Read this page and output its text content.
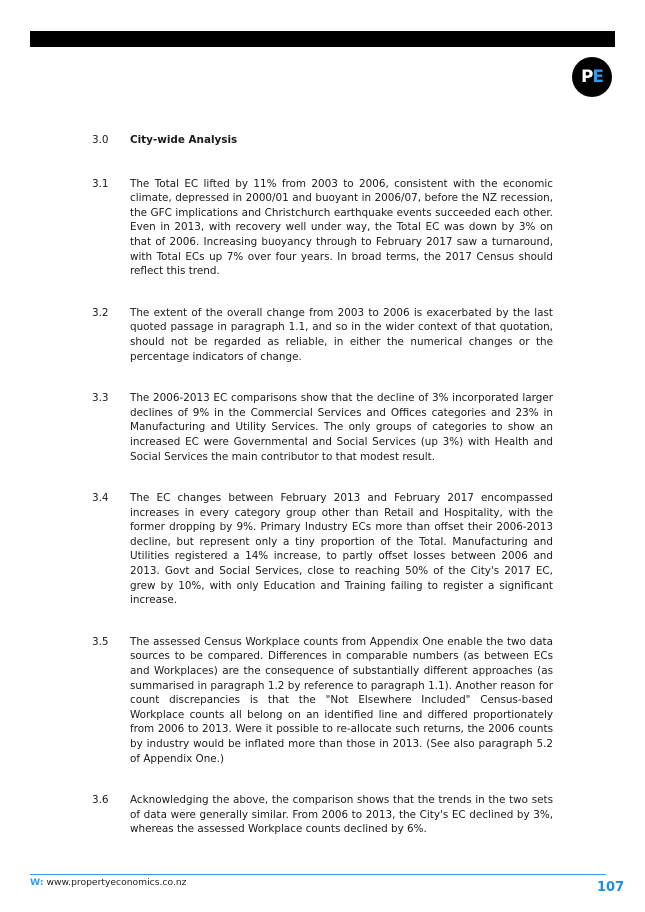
P E
3.0	City-wide Analysis
3.1	The Total EC lifted by 11% from 2003 to 2006, consistent with the economic climate, depressed in 2000/01 and buoyant in 2006/07, before the NZ recession, the GFC implications and Christchurch earthquake events succeeded each other. Even in 2013, with recovery well under way, the Total EC was down by 3% on that of 2006. Increasing buoyancy through to February 2017 saw a turnaround, with Total ECs up 7% over four years. In broad terms, the 2017 Census should reflect this trend.
3.2	The extent of the overall change from 2003 to 2006 is exacerbated by the last quoted passage in paragraph 1.1, and so in the wider context of that quotation, should not be regarded as reliable, in either the numerical changes or the percentage indicators of change.
3.3	The 2006-2013 EC comparisons show that the decline of 3% incorporated larger declines of 9% in the Commercial Services and Offices categories and 23% in Manufacturing and Utility Services. The only groups of categories to show an increased EC were Governmental and Social Services (up 3%) with Health and Social Services the main contributor to that modest result.
3.4	The EC changes between February 2013 and February 2017 encompassed increases in every category group other than Retail and Hospitality, with the former dropping by 9%. Primary Industry ECs more than offset their 2006-2013 decline, but represent only a tiny proportion of the Total. Manufacturing and Utilities registered a 14% increase, to partly offset losses between 2006 and 2013. Govt and Social Services, close to reaching 50% of the City's 2017 EC, grew by 10%, with only Education and Training failing to register a significant increase.
3.5	The assessed Census Workplace counts from Appendix One enable the two data sources to be compared. Differences in comparable numbers (as between ECs and Workplaces) are the consequence of substantially different approaches (as summarised in paragraph 1.2 by reference to paragraph 1.1). Another reason for count discrepancies is that the "Not Elsewhere Included" Census-based Workplace counts all belong on an identified line and differed proportionately from 2006 to 2013. Were it possible to re-allocate such returns, the 2006 counts by industry would be inflated more than those in 2013. (See also paragraph 5.2 of Appendix One.)
3.6	Acknowledging the above, the comparison shows that the trends in the two sets of data were generally similar. From 2006 to 2013, the City's EC declined by 3%, whereas the assessed Workplace counts declined by 6%.
W: www.propertyeconomics.co.nz	107
